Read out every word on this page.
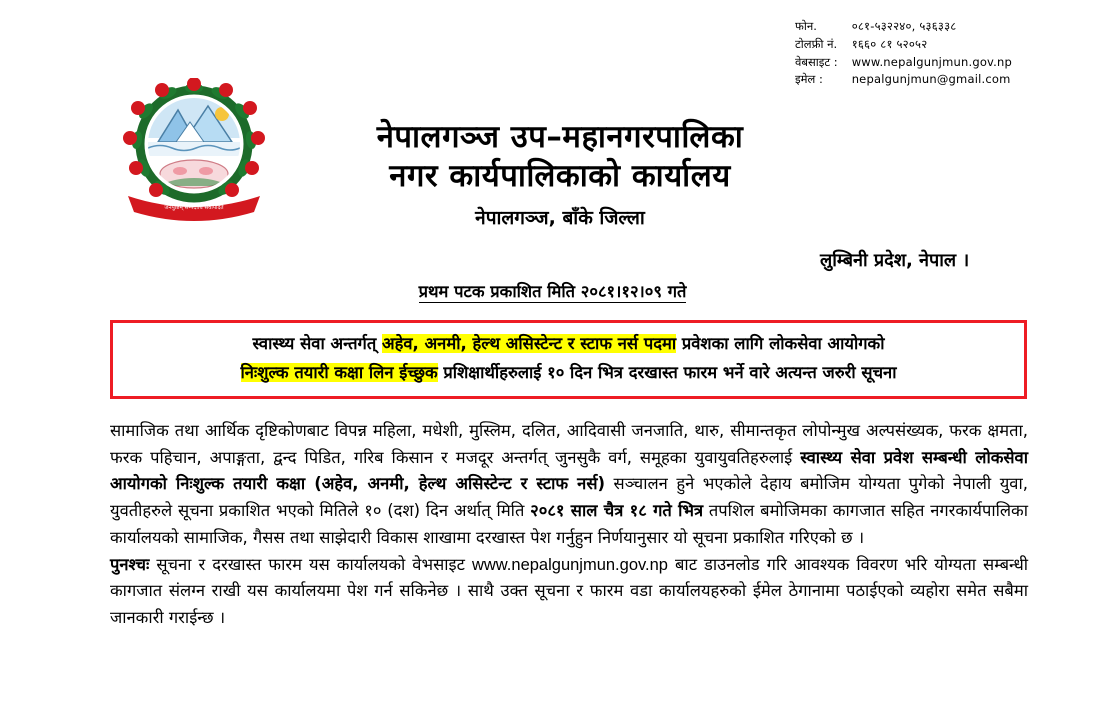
फोन.
टोलफ्री नं.
वेबसाइट :
इमेल :
०८१-५३२२४०, ५३६३३८
१६६० ८१ ५२०५२
www.nepalgunjmun.gov.np
nepalgunjmun@gmail.com
जनपुष्टिम् सम्पदाधि सवोपदिते
नेपालगञ्ज उप–महानगरपालिका
नगर कार्यपालिकाको कार्यालय
नेपालगञ्ज, बाँके जिल्ला
लुम्बिनी प्रदेश, नेपाल ।
प्रथम पटक प्रकाशित मिति २०८१।१२।०९ गते
स्वास्थ्य सेवा अन्तर्गत् अहेव, अनमी, हेल्थ असिस्टेन्ट र स्टाफ नर्स पदमा प्रवेशका लागि लोकसेवा आयोगको
निःशुल्क तयारी कक्षा लिन ईच्छुक प्रशिक्षार्थीहरुलाई १० दिन भित्र दरखास्त फारम भर्ने वारे अत्यन्त जरुरी सूचना

सामाजिक तथा आर्थिक दृष्टिकोणबाट विपन्न महिला, मधेशी, मुस्लिम, दलित, आदिवासी जनजाति, थारु, सीमान्तकृत लोपोन्मुख अल्पसंख्यक, फरक क्षमता, फरक पहिचान, अपाङ्गता, द्वन्द पिडित, गरिब किसान र मजदूर अन्तर्गत् जुनसुकै वर्ग, समूहका युवायुवतिहरुलाई स्वास्थ्य सेवा प्रवेश सम्बन्धी लोकसेवा आयोगको निःशुल्क तयारी कक्षा (अहेव, अनमी, हेल्थ असिस्टेन्ट र स्टाफ नर्स) सञ्चालन हुने भएकोले देहाय बमोजिम योग्यता पुगेको नेपाली युवा, युवतीहरुले सूचना प्रकाशित भएको मितिले १० (दश) दिन अर्थात् मिति २०८१ साल चैत्र १८ गते भित्र तपशिल बमोजिमका कागजात सहित नगरकार्यपालिका कार्यालयको सामाजिक, गैसस तथा साझेदारी विकास शाखामा दरखास्त पेश गर्नुहुन निर्णयानुसार यो सूचना प्रकाशित गरिएको छ ।

पुनश्चः सूचना र दरखास्त फारम यस कार्यालयको वेभसाइट www.nepalgunjmun.gov.np बाट डाउनलोड गरि आवश्यक विवरण भरि योग्यता सम्बन्धी कागजात संलग्न राखी यस कार्यालयमा पेश गर्न सकिनेछ । साथै उक्त सूचना र फारम वडा कार्यालयहरुको ईमेल ठेगानामा पठाईएको व्यहोरा समेत सबैमा जानकारी गराईन्छ ।
